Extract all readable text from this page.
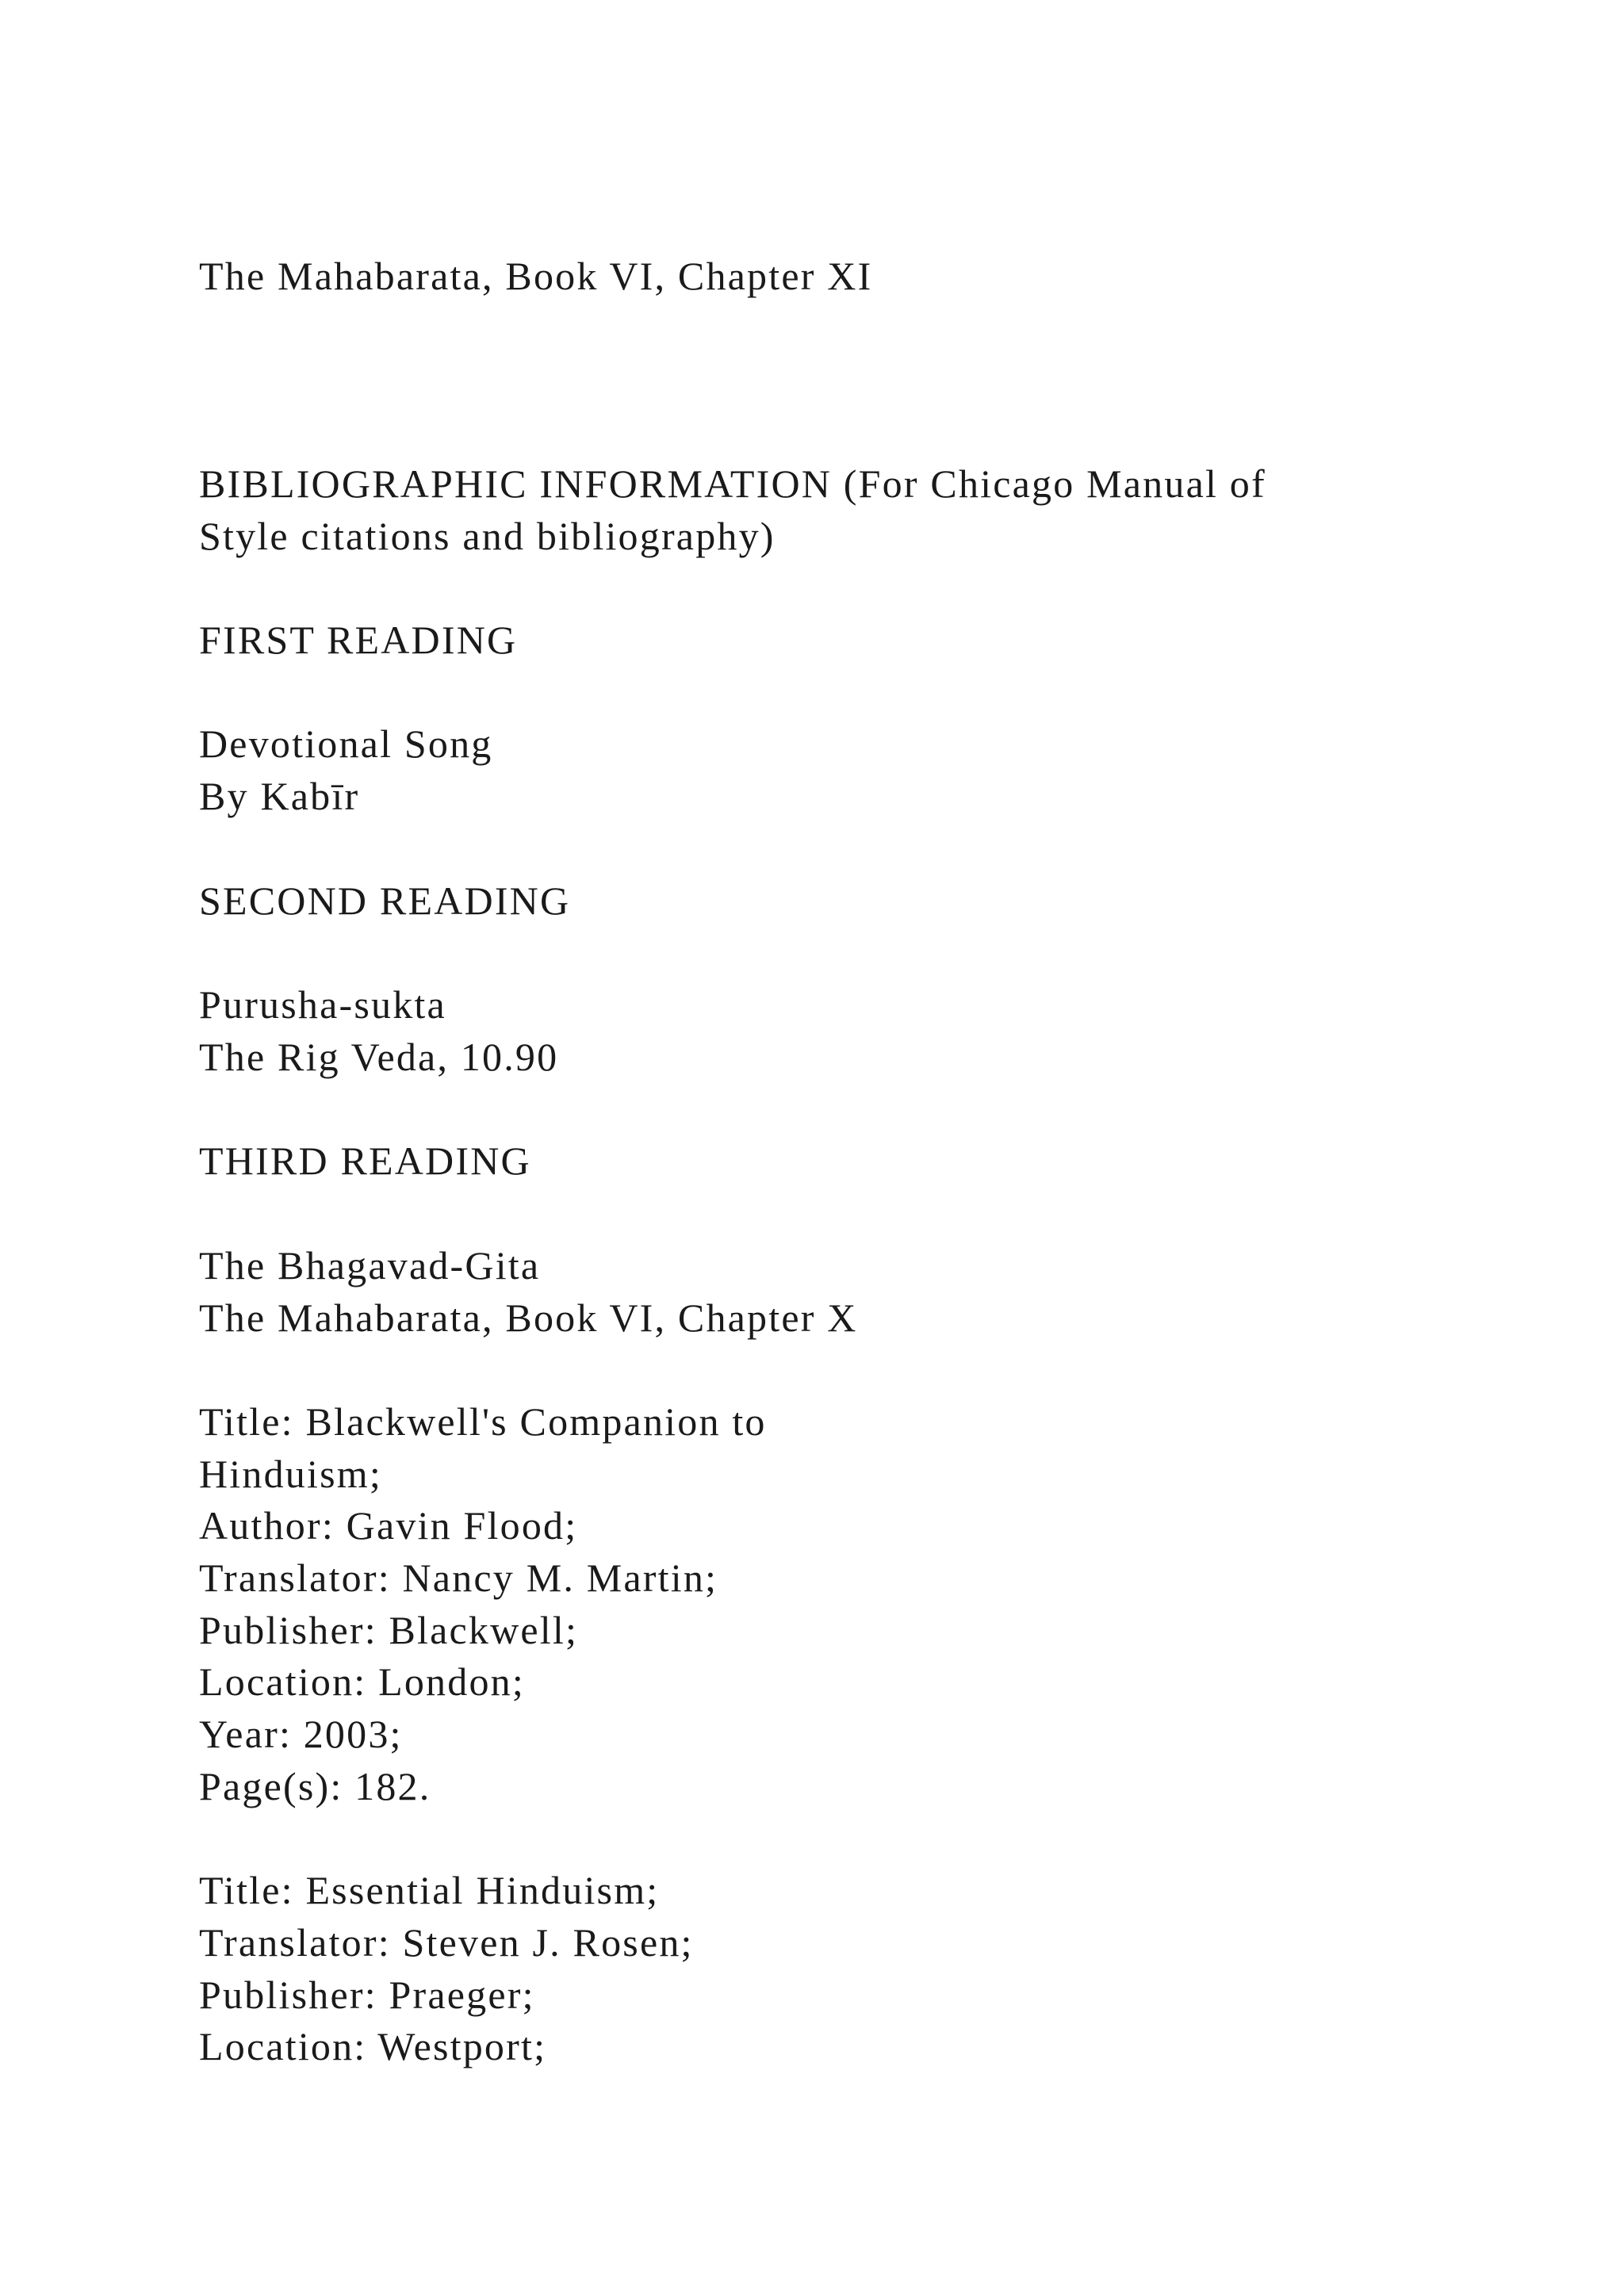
The Mahabarata, Book VI, Chapter XI

BIBLIOGRAPHIC INFORMATION (For Chicago Manual of

Style citations and bibliography)

FIRST READING

Devotional Song

By Kabīr

SECOND READING

Purusha-sukta

The Rig Veda, 10.90

THIRD READING

The Bhagavad-Gita

The Mahabarata, Book VI, Chapter X

Title: Blackwell's Companion to

Hinduism;

Author: Gavin Flood;

Translator: Nancy M. Martin;

Publisher: Blackwell;

Location: London;

Year: 2003;

Page(s): 182.

Title: Essential Hinduism;

Translator: Steven J. Rosen;

Publisher: Praeger;

Location: Westport;
